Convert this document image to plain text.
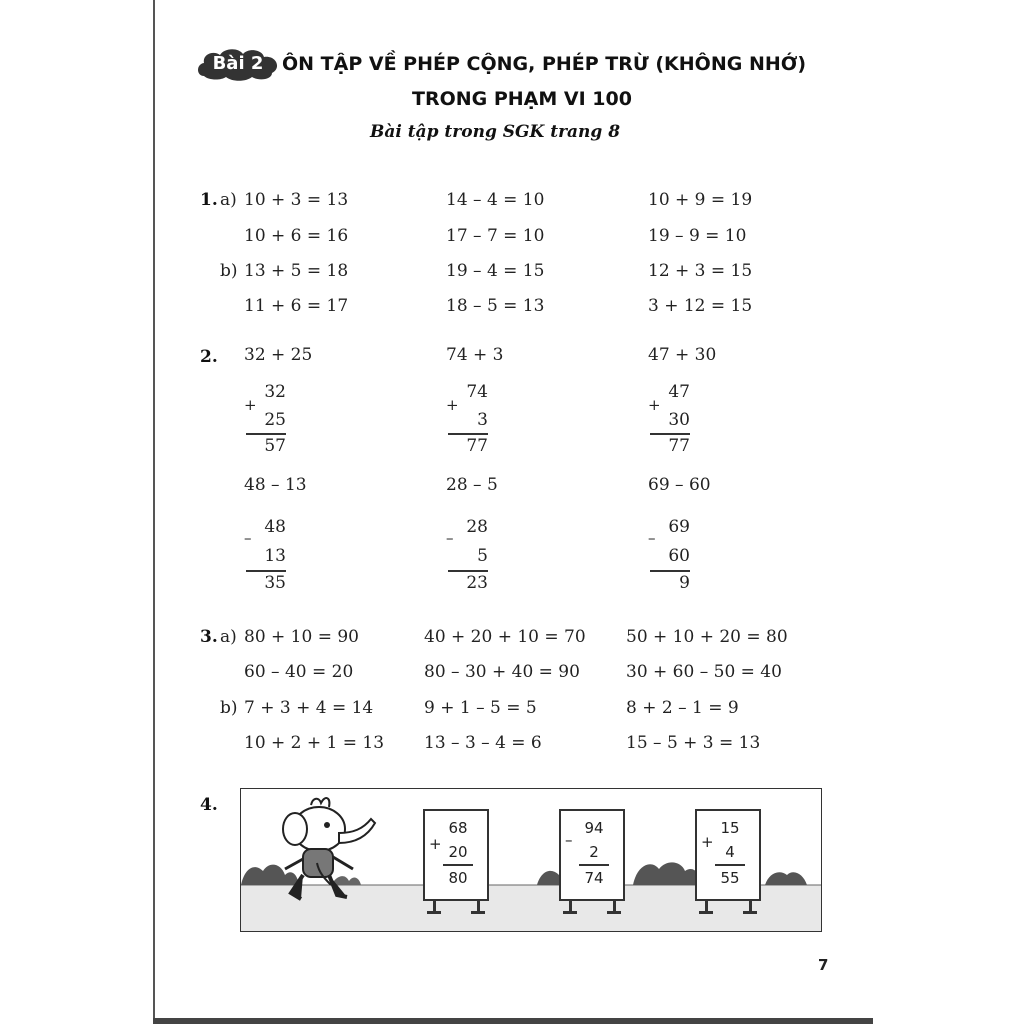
Bài 2 ÔN TẬP VỀ PHÉP CỘNG, PHÉP TRỪ (KHÔNG NHỚ)
TRONG PHẠM VI 100
Bài tập trong SGK trang 8
1. a)
b)
10 + 3 = 13	14 – 4 = 10	10 + 9 = 19
10 + 6 = 16	17 – 7 = 10	19 – 9 = 10
13 + 5 = 18	19 – 4 = 15	12 + 3 = 15
11 + 6 = 17	18 – 5 = 13	3 + 12 = 15
2. 32 + 25	74 + 3	47 + 30
48 – 13	28 – 5	69 – 60
+
32
25
57
+
74
3
77
+
47
30
77
–
48
13
35
–
28
5
23
–
69
60
9
3. a)
b)
80 + 10 = 90	40 + 20 + 10 = 70 50 + 10 + 20 = 80
60 – 40 = 20	80 – 30 + 40 = 90	30 + 60 – 50 = 40
7 + 3 + 4 = 14	9 + 1 – 5 = 5	8 + 2 – 1 = 9
10 + 2 + 1 = 13 13 – 3 – 4 = 6	15 – 5 + 3 = 13
4.
+
68
20
80
–
94
2
74
+
15
4
55
7
